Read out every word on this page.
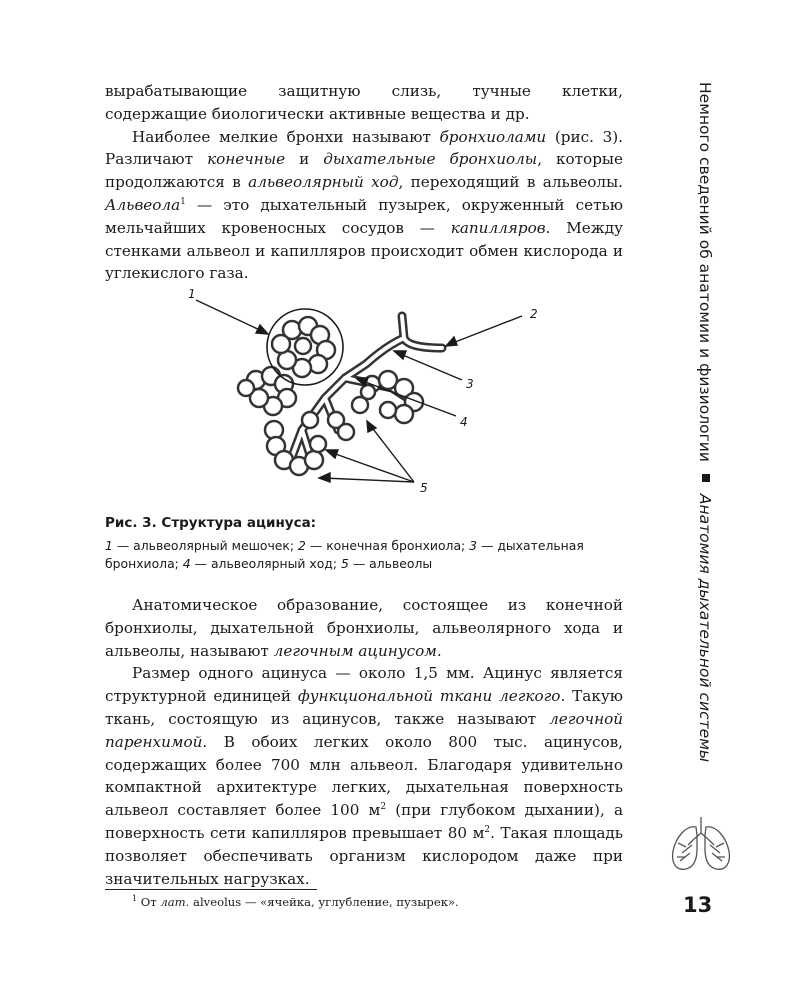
Немного сведений об анатомии и физиологииАнатомия дыхательной системы

вырабатывающие защитную слизь, тучные клетки, содержащие биологически активные вещества и др.

Наиболее мелкие бронхи называют бронхиолами (рис. 3). Различают конечные и дыхательные бронхиолы, которые продолжаются в альвеолярный ход, переходящий в альвеолы. Альвеола$^1$ — это дыхательный пузырек, окруженный сетью мельчайших кровеносных сосудов — капилляров. Между стенками альвеол и капилляров происходит обмен кислорода и углекислого газа.

1
2
3
4
5

Рис. 3. Структура ацинуса:

1 — альвеолярный мешочек; 2 — конечная бронхиола; 3 — дыхательная бронхиола; 4 — альвеолярный ход; 5 — альвеолы

Анатомическое образование, состоящее из конечной бронхиолы, дыхательной бронхиолы, альвеолярного хода и альвеолы, называют легочным ацинусом.

Размер одного ацинуса — около 1,5 мм. Ацинус является структурной единицей функциональной ткани легкого. Такую ткань, состоящую из ацинусов, также называют легочной паренхимой. В обоих легких около 800 тыс. ацинусов, содержащих более 700 млн альвеол. Благодаря удивительно компактной архитектуре легких, дыхательная поверхность альвеол составляет более 100 $м^2$ (при глубоком дыхании), а поверхность сети капилляров превышает 80 $м^2$. Такая площадь позволяет обеспечивать организм кислородом даже при значительных нагрузках.

$^1$ От лат. alveolus — «ячейка, углубление, пузырек».	13
